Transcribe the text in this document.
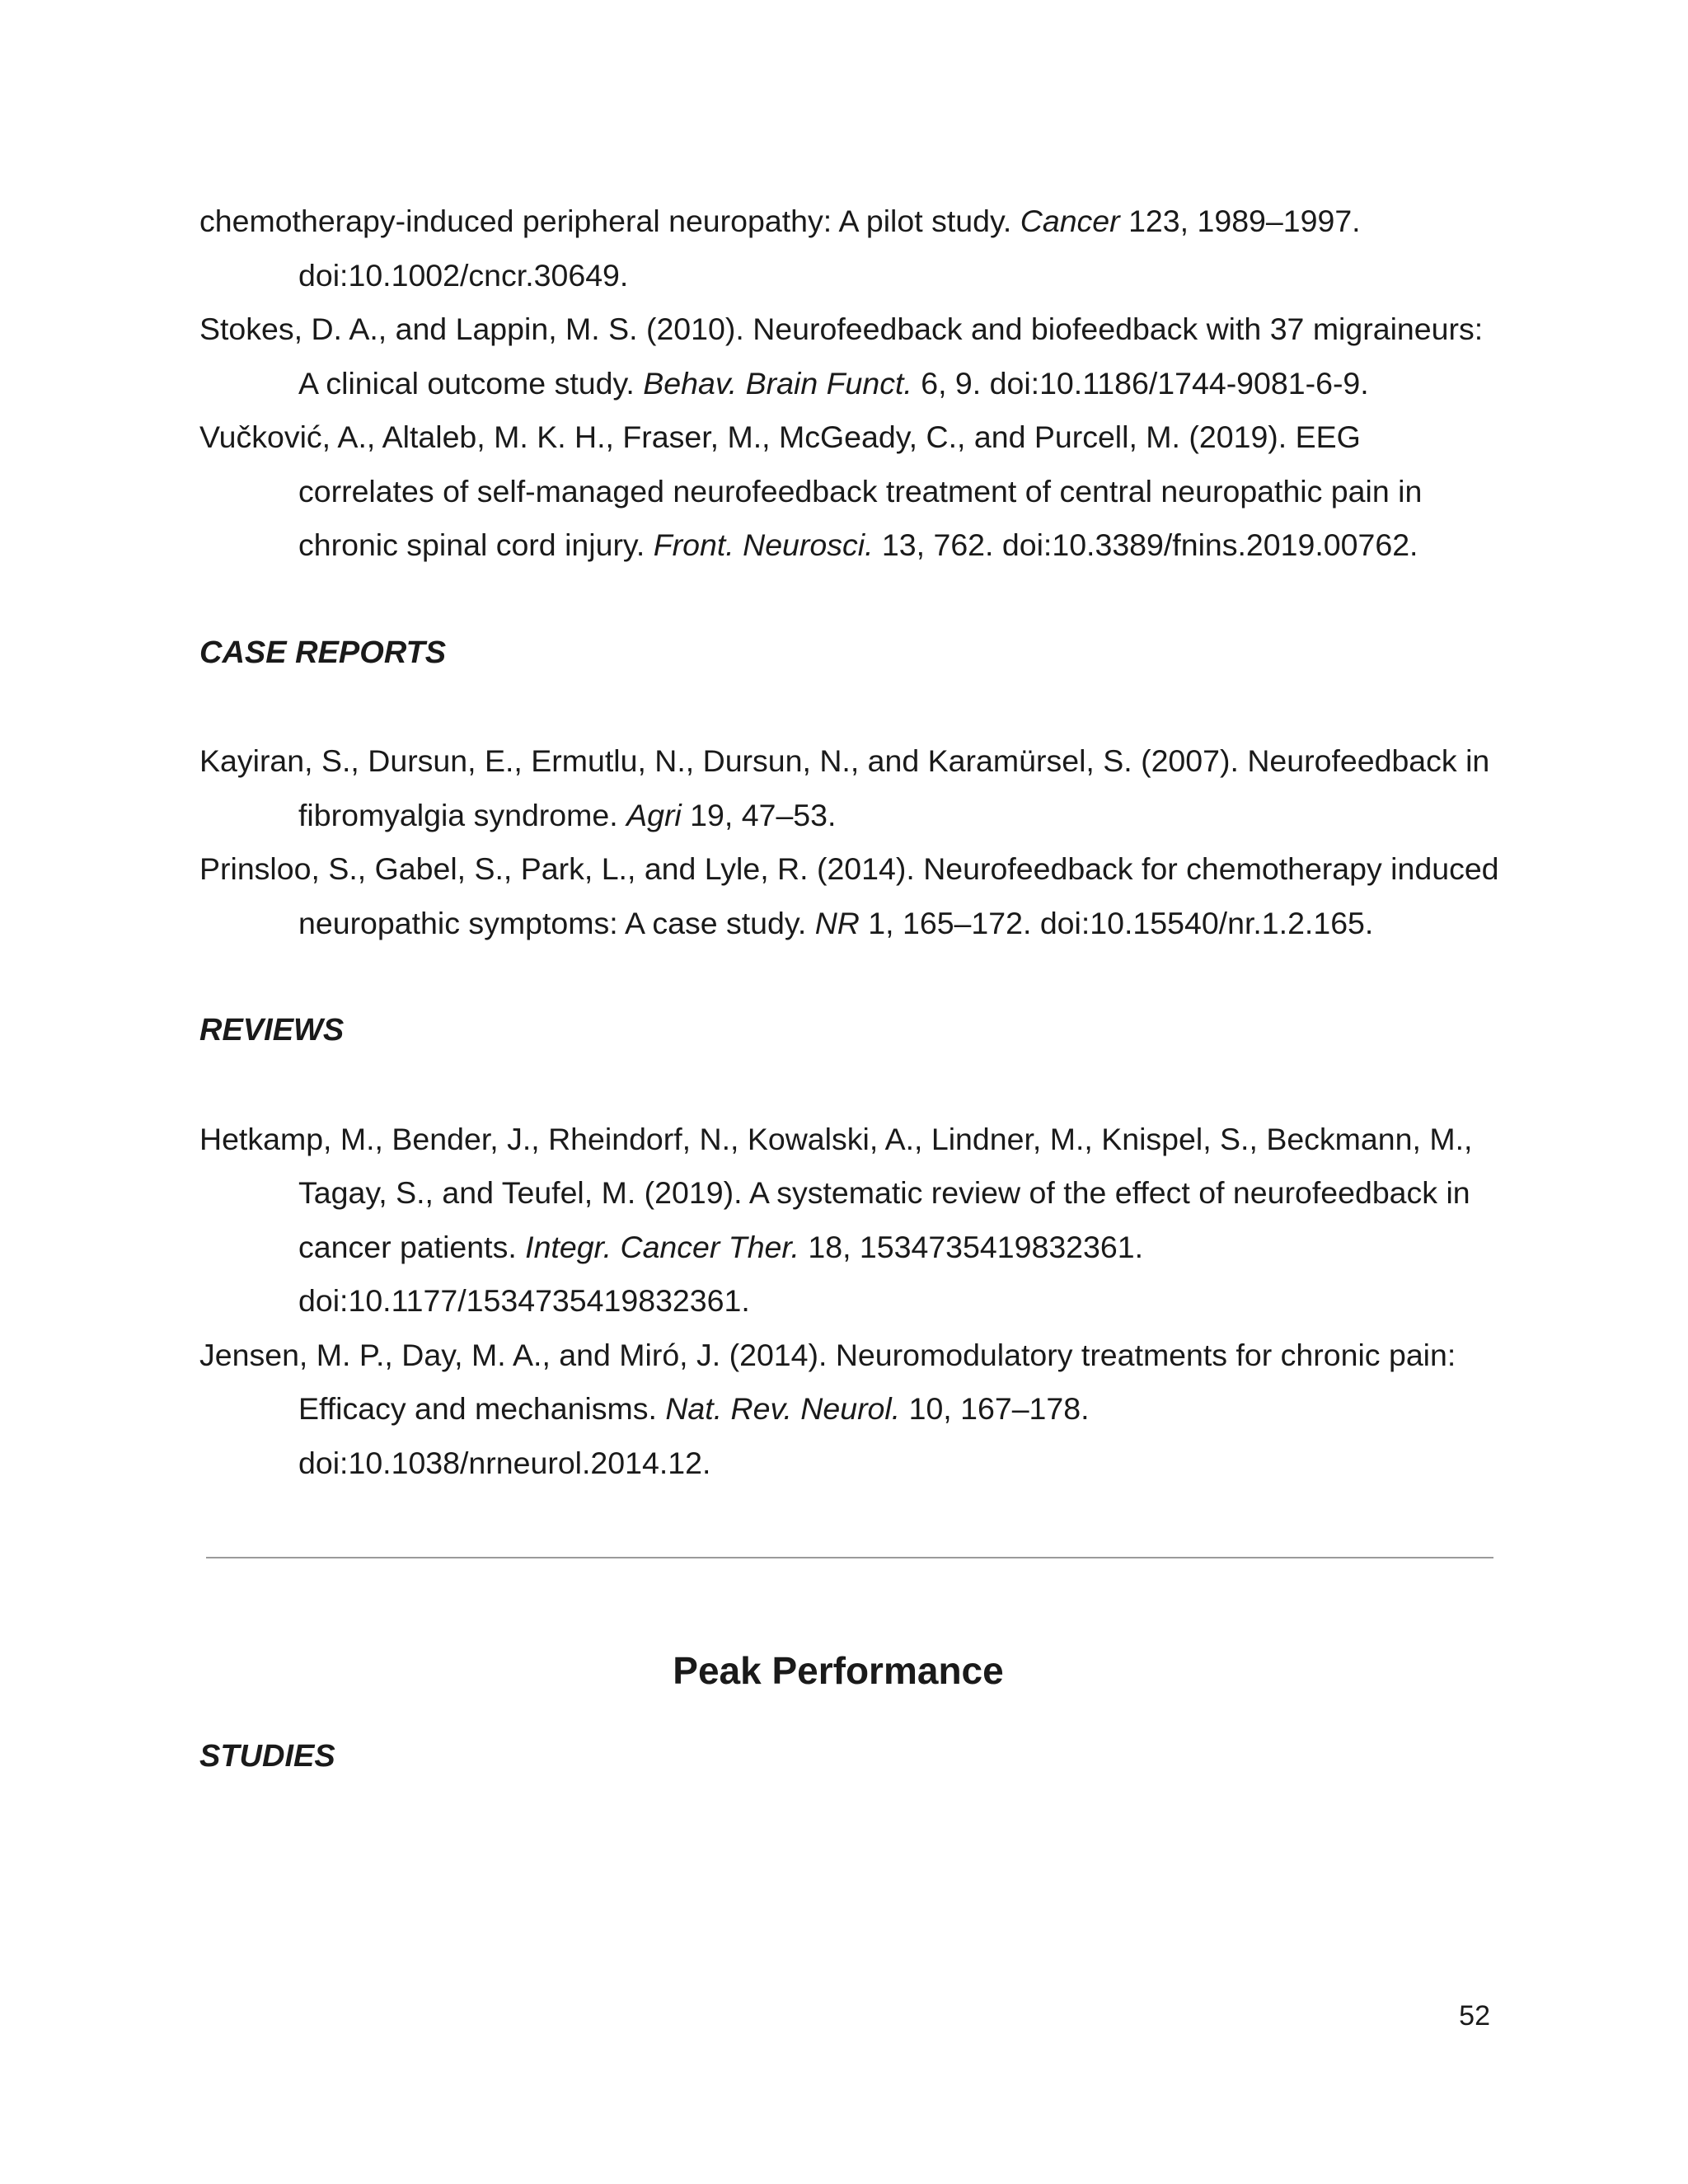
chemotherapy-induced peripheral neuropathy: A pilot study. Cancer 123, 1989–1997. doi:10.1002/cncr.30649.

Stokes, D. A., and Lappin, M. S. (2010). Neurofeedback and biofeedback with 37 migraineurs: A clinical outcome study. Behav. Brain Funct. 6, 9. doi:10.1186/1744-9081-6-9.

Vučković, A., Altaleb, M. K. H., Fraser, M., McGeady, C., and Purcell, M. (2019). EEG correlates of self-managed neurofeedback treatment of central neuropathic pain in chronic spinal cord injury. Front. Neurosci. 13, 762. doi:10.3389/fnins.2019.00762.

CASE REPORTS

Kayiran, S., Dursun, E., Ermutlu, N., Dursun, N., and Karamürsel, S. (2007). Neurofeedback in fibromyalgia syndrome. Agri 19, 47–53.

Prinsloo, S., Gabel, S., Park, L., and Lyle, R. (2014). Neurofeedback for chemotherapy induced neuropathic symptoms: A case study. NR 1, 165–172. doi:10.15540/nr.1.2.165.

REVIEWS

Hetkamp, M., Bender, J., Rheindorf, N., Kowalski, A., Lindner, M., Knispel, S., Beckmann, M., Tagay, S., and Teufel, M. (2019). A systematic review of the effect of neurofeedback in cancer patients. Integr. Cancer Ther. 18, 1534735419832361. doi:10.1177/1534735419832361.

Jensen, M. P., Day, M. A., and Miró, J. (2014). Neuromodulatory treatments for chronic pain: Efficacy and mechanisms. Nat. Rev. Neurol. 10, 167–178. doi:10.1038/nrneurol.2014.12.

Peak Performance
STUDIES
52
